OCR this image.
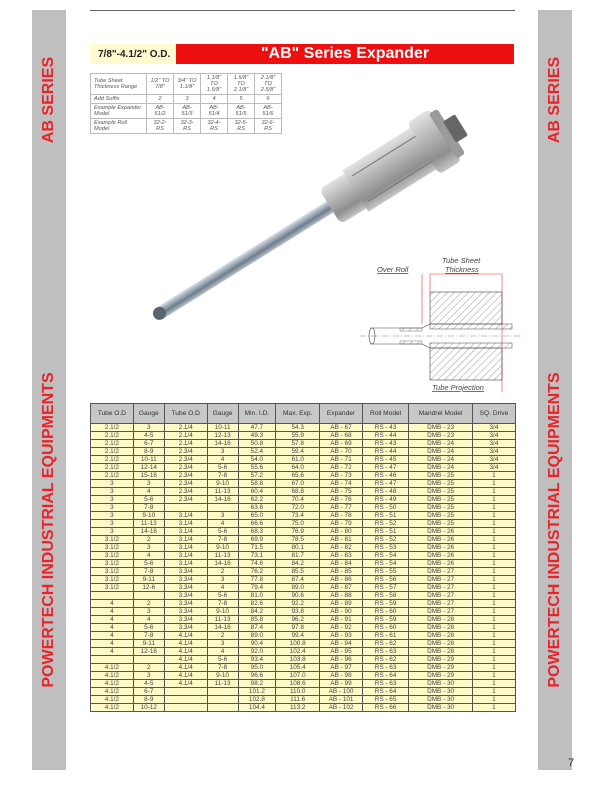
AB SERIES
POWERTECH INDUSTRIAL EQUIPMENTS
AB SERIES
POWERTECH INDUSTRIAL EQUIPMENTS
7/8"-4.1/2" O.D.	"AB" Series Expander
Tube Sheet Thickness Range	1/2" TO 7/8"	3/4" TO 1.1/8"	1.1/8" TO 1.5/8"	1.5/8" TO 2.1/8"	2.1/8" TO 2.5/8"
Add Suffix	2	3	4	5	6
Example Expander Model	AB-51/2	AB-51/3	AB-51/4	AB-51/5	AB-51/6
Example Roll Model	32-2-RS	32-3-RS	32-4-RS	32-5-RS	32-6-RS
Tube Sheet
Thickness
Over Roll
Tube Projection
Tube O.D	Gauge	Tube O.D	Gauge	Min. I.D.	Max. Exp.	Expander	Roll Model	Mandrel Model	SQ. Drive
2.1/2	3	2.1/4	10-11	47.7	54.3	AB - 67	RS - 43	DMB - 23	3/4
2.1/2	4-5	2.1/4	12-13	49.3	55.9	AB - 68	RS - 44	DMB - 23	3/4
2.1/2	6-7	2.1/4	14-16	50.8	57.8	AB - 69	RS - 43	DMB - 24	3/4
2.1/2	8-9	2.3/4	3	52.4	59.4	AB - 70	RS - 44	DMB - 24	3/4
2.1/2	10-11	2.3/4	4	54.0	61.0	AB - 71	RS - 45	DMB - 24	3/4
2.1/2	12-14	2.3/4	5-6	55.6	64.0	AB - 72	RS - 47	DMB - 24	3/4
2.1/2	15-16	2.3/4	7-8	57.2	65.6	AB - 73	RS - 46	DMB - 25	1
3	3	2.3/4	9-10	58.8	67.0	AB - 74	RS - 47	DMB - 25	1
3	4	2.3/4	11-13	60.4	68.8	AB - 75	RS - 48	DMB - 25	1
3	5-6	2.3/4	14-16	62.2	70.4	AB - 76	RS - 49	DMB - 25	1
3	7-8			63.6	72.0	AB - 77	RS - 50	DMB - 25	1
3	9-10	3.1/4	3	65.0	73.4	AB - 78	RS - 51	DMB - 25	1
3	11-13	3.1/4	4	66.6	75.0	AB - 79	RS - 52	DMB - 25	1
3	14-16	3.1/4	5-6	68.3	76.9	AB - 80	RS - 51	DMB - 26	1
3.1/2	2	3.1/4	7-8	69.9	78.5	AB - 81	RS - 52	DMB - 26	1
3.1/2	3	3.1/4	9-10	71.5	80.1	AB - 82	RS - 53	DMB - 26	1
3.1/2	4	3.1/4	11-13	73.1	81.7	AB - 83	RS - 54	DMB - 26	1
3.1/2	5-6	3.1/4	14-16	74.6	84.2	AB - 84	RS - 54	DMB - 26	1
3.1/2	7-8	3.3/4	2	76.2	85.5	AB - 85	RS - 55	DMB - 27	1
3.1/2	9-11	3.3/4	3	77.8	87.4	AB - 86	RS - 56	DMB - 27	1
3.1/2	12-6	3.3/4	4	79.4	89.0	AB - 87	RS - 57	DMB - 27	1
		3.3/4	5-6	81.0	90.6	AB - 88	RS - 58	DMB - 27	1
4	2	3.3/4	7-8	82.6	92.2	AB - 89	RS - 59	DMB - 27	1
4	3	3.3/4	9-10	84.2	93.8	AB - 90	RS - 60	DMB - 27	1
4	4	3.3/4	11-13	85.8	96.2	AB - 91	RS - 59	DMB - 28	1
4	5-6	3.3/4	14-16	87.4	97.8	AB - 92	RS - 60	DMB - 28	1
4	7-8	4.1/4	2	89.0	99.4	AB - 93	RS - 61	DMB - 28	1
4	9-11	4.1/4	3	90.4	100.8	AB - 94	RS - 62	DMB - 28	1
4	12-16	4.1/4	4	92.0	102.4	AB - 95	RS - 63	DMB - 28	1
		4.1/4	5-6	93.4	103.8	AB - 96	RS - 62	DMB - 29	1
4.1/2	2	4.1/4	7-8	95.0	105.4	AB - 97	RS - 63	DMB - 29	1
4.1/2	3	4.1/4	9-10	96.6	107.0	AB - 98	RS - 64	DMB - 29	1
4.1/2	4-5	4.1/4	11-13	98.2	108.6	AB - 99	RS - 63	DMB - 30	1
4.1/2	6-7			101.2	110.0	AB - 100	RS - 64	DMB - 30	1
4.1/2	8-9			102.8	111.6	AB - 101	RS - 65	DMB - 30	1
4.1/2	10-12			104.4	113.2	AB - 102	RS - 66	DMB - 30	1
7
